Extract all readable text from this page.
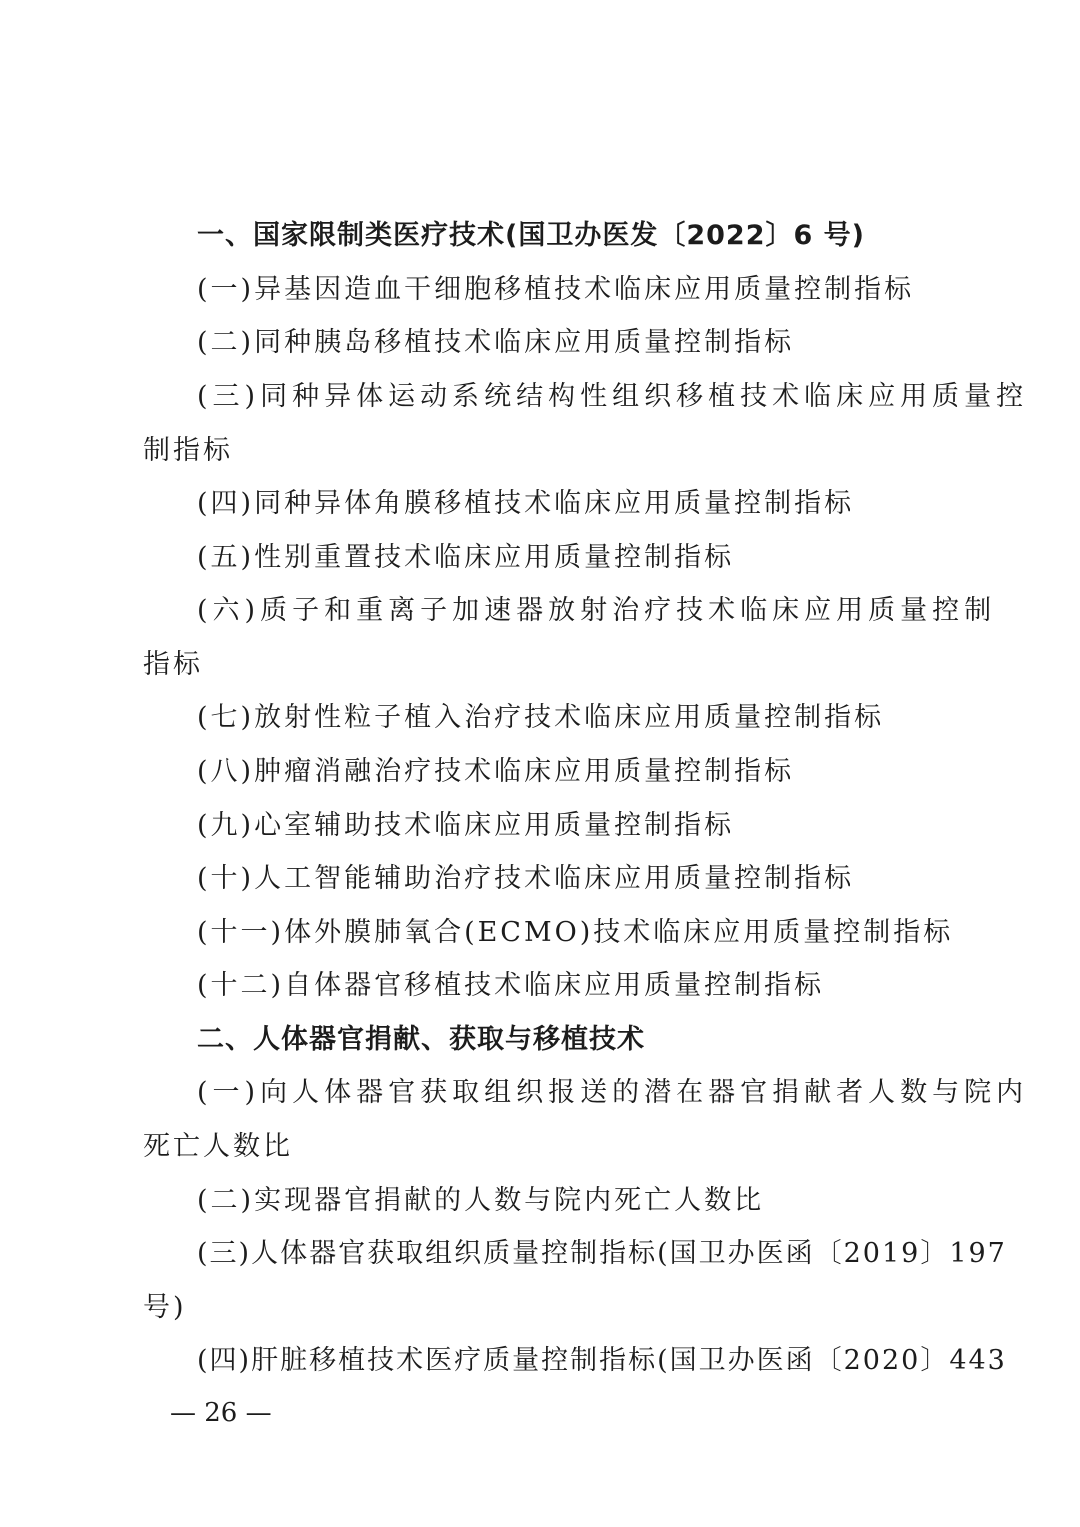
一、国家限制类医疗技术(国卫办医发〔2022〕6 号)
(一)异基因造血干细胞移植技术临床应用质量控制指标
(二)同种胰岛移植技术临床应用质量控制指标
(三)同种异体运动系统结构性组织移植技术临床应用质量控
制指标
(四)同种异体角膜移植技术临床应用质量控制指标
(五)性别重置技术临床应用质量控制指标
(六)质子和重离子加速器放射治疗技术临床应用质量控制
指标
(七)放射性粒子植入治疗技术临床应用质量控制指标
(八)肿瘤消融治疗技术临床应用质量控制指标
(九)心室辅助技术临床应用质量控制指标
(十)人工智能辅助治疗技术临床应用质量控制指标
(十一)体外膜肺氧合(ECMO)技术临床应用质量控制指标
(十二)自体器官移植技术临床应用质量控制指标
二、人体器官捐献、获取与移植技术
(一)向人体器官获取组织报送的潜在器官捐献者人数与院内
死亡人数比
(二)实现器官捐献的人数与院内死亡人数比
(三)人体器官获取组织质量控制指标(国卫办医函〔2019〕197
号)
(四)肝脏移植技术医疗质量控制指标(国卫办医函〔2020〕443
— 26 —
